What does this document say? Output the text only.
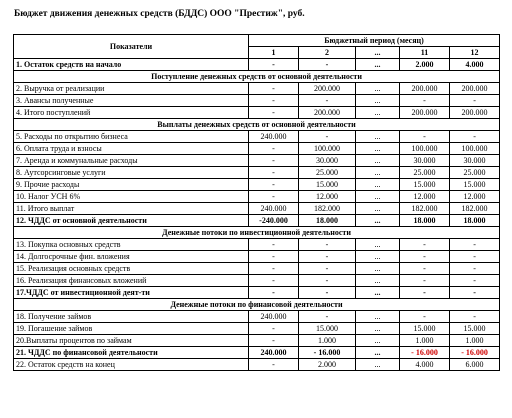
Бюджет движения денежных средств (БДДС) ООО "Престиж", руб.
Показатели	Бюджетный период (месяц)				
	1	2	...	11	12
1. Остаток средств на начало	-	-	...	2.000	4.000
Поступление денежных средств от основной деятельности					
2. Выручка от реализации	-	200.000	...	200.000	200.000
3. Авансы полученные	-	-	...	-	-
4. Итого поступлений	-	200.000	...	200.000	200.000
Выплаты денежных средств от основной деятельности					
5. Расходы по открытию бизнеса	240.000	-	...	-	-
6. Оплата труда и взносы	-	100.000	...	100.000	100.000
7. Аренда и коммунальные расходы	-	30.000	...	30.000	30.000
8. Аутсорсинговые услуги	-	25.000	...	25.000	25.000
9. Прочие расходы	-	15.000	...	15.000	15.000
10. Налог УСН 6%	-	12.000	...	12.000	12.000
11. Итого выплат	240.000	182.000	...	182.000	182.000
12. ЧДДС от основной деятельности	-240.000	18.000	...	18.000	18.000
Денежные потоки по инвестиционной деятельности					
13. Покупка основных средств	-	-	...	-	-
14. Долгосрочные фин. вложения	-	-	...	-	-
15. Реализация основных средств	-	-	...	-	-
16. Реализация финансовых вложений	-	-	...	-	-
17.ЧДДС от инвестиционной деят-ти	-	-	...	-	-
Денежные потоки по финансовой деятельности					
18. Получение займов	240.000	-	...	-	-
19. Погашение займов	-	15.000	...	15.000	15.000
20.Выплаты процентов по займам	-	1.000	...	1.000	1.000
21. ЧДДС по финансовой деятельности	240.000	- 16.000	...	- 16.000	- 16.000
22. Остаток средств на конец	-	2.000	...	4.000	6.000
